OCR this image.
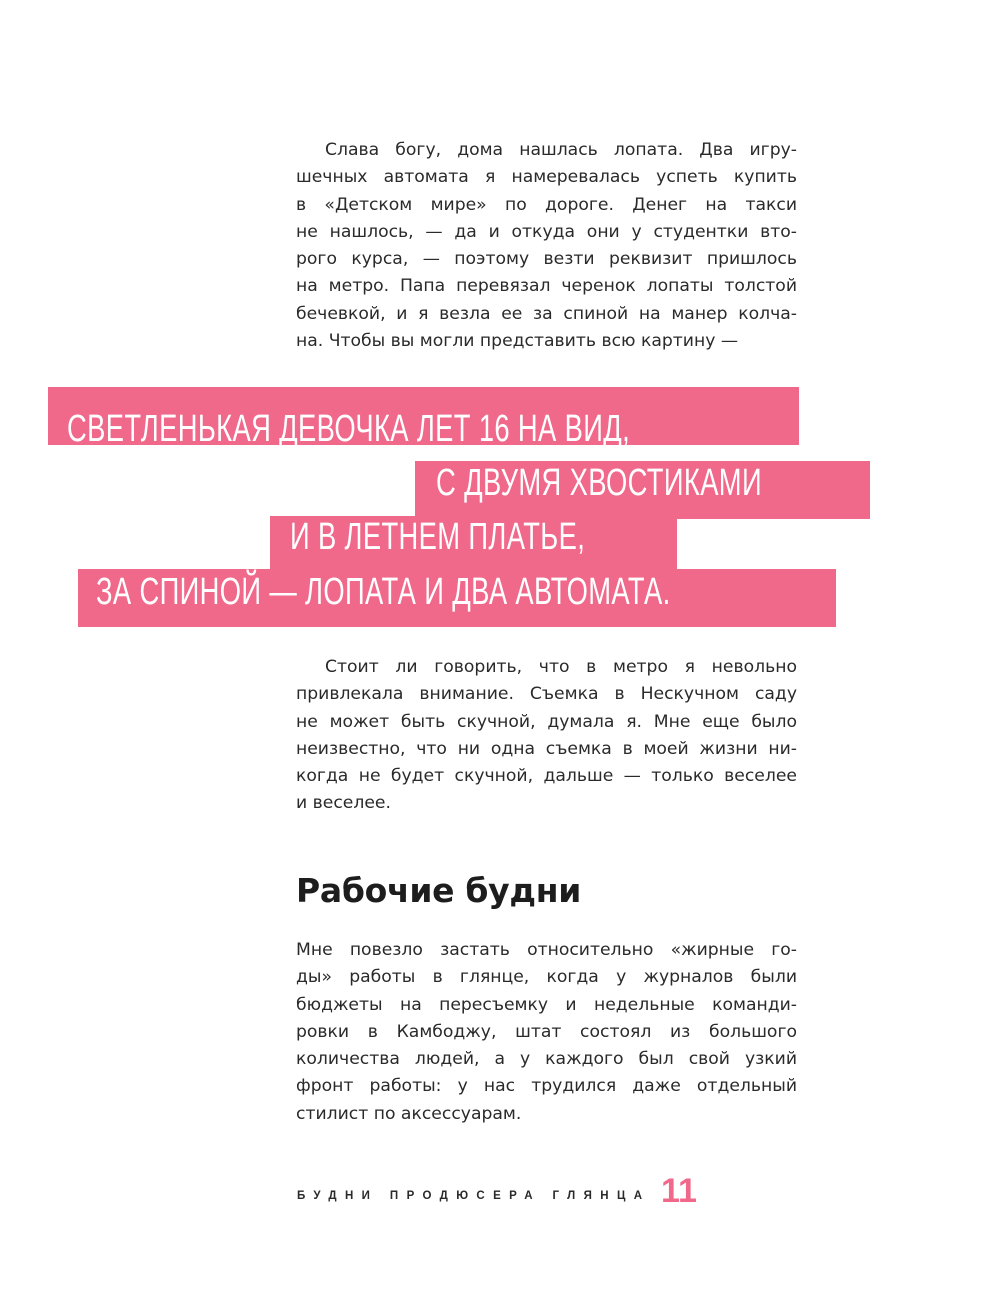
Слава богу, дома нашлась лопата. Два игру-
шечных автомата я намеревалась успеть купить
в «Детском мире» по дороге. Денег на такси
не нашлось, — да и откуда они у студентки вто-
рого курса, — поэтому везти реквизит пришлось
на метро. Папа перевязал черенок лопаты толстой
бечевкой, и я везла ее за спиной на манер колча-
на. Чтобы вы могли представить всю картину —
СВЕТЛЕНЬКАЯ ДЕВОЧКА ЛЕТ 16 НА ВИД,
С ДВУМЯ ХВОСТИКАМИ
И В ЛЕТНЕМ ПЛАТЬЕ,
ЗА СПИНОЙ — ЛОПАТА И ДВА АВТОМАТА.
Стоит ли говорить, что в метро я невольно
привлекала внимание. Съемка в Нескучном саду
не может быть скучной, думала я. Мне еще было
неизвестно, что ни одна съемка в моей жизни ни-
когда не будет скучной, дальше — только веселее
и веселее.
Рабочие будни
Мне повезло застать относительно «жирные го-
ды» работы в глянце, когда у журналов были
бюджеты на пересъемку и недельные команди-
ровки в Камбоджу, штат состоял из большого
количества людей, а у каждого был свой узкий
фронт работы: у нас трудился даже отдельный
стилист по аксессуарам.
БУДНИ ПРОДЮСЕРА ГЛЯНЦА 11
